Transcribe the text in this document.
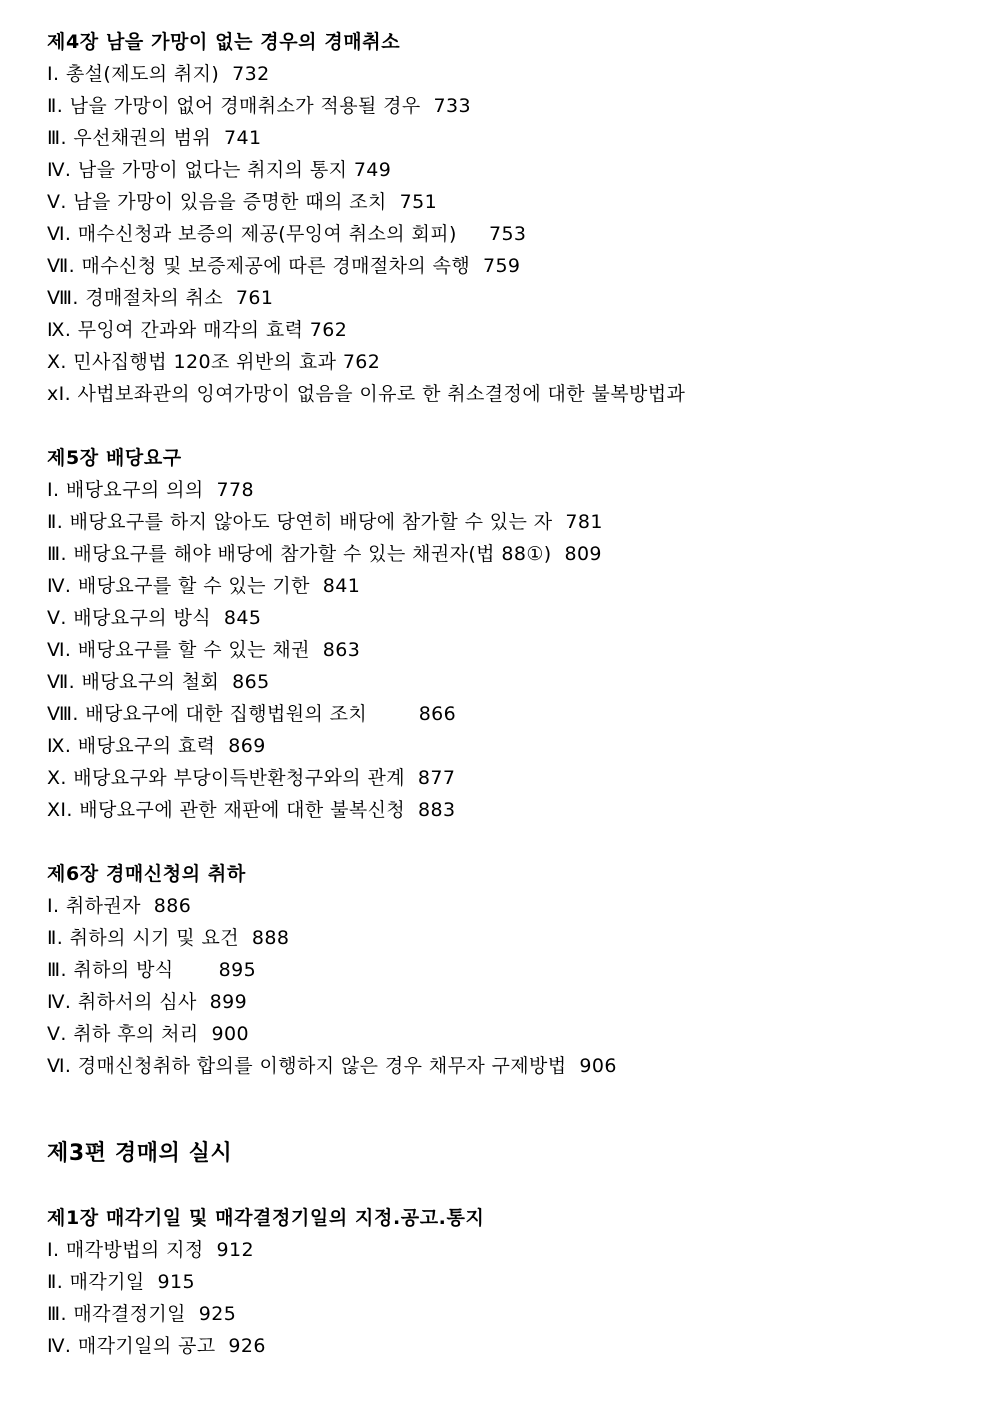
제4장 남을 가망이 없는 경우의 경매취소
Ⅰ. 총설(제도의 취지)  732
Ⅱ. 남을 가망이 없어 경매취소가 적용될 경우  733
Ⅲ. 우선채권의 범위  741
Ⅳ. 남을 가망이 없다는 취지의 통지 749
Ⅴ. 남을 가망이 있음을 증명한 때의 조치  751
Ⅵ. 매수신청과 보증의 제공(무잉여 취소의 회피)     753
Ⅶ. 매수신청 및 보증제공에 따른 경매절차의 속행  759
Ⅷ. 경매절차의 취소  761
Ⅸ. 무잉여 간과와 매각의 효력 762
Ⅹ. 민사집행법 120조 위반의 효과 762
xI. 사법보좌관의 잉여가망이 없음을 이유로 한 취소결정에 대한 불복방법과
제5장 배당요구
Ⅰ. 배당요구의 의의  778
Ⅱ. 배당요구를 하지 않아도 당연히 배당에 참가할 수 있는 자  781
Ⅲ. 배당요구를 해야 배당에 참가할 수 있는 채권자(법 88①)  809
Ⅳ. 배당요구를 할 수 있는 기한  841
Ⅴ. 배당요구의 방식  845
Ⅵ. 배당요구를 할 수 있는 채권  863
Ⅶ. 배당요구의 철회  865
Ⅷ. 배당요구에 대한 집행법원의 조치        866
Ⅸ. 배당요구의 효력  869
Ⅹ. 배당요구와 부당이득반환청구와의 관계  877
XI. 배당요구에 관한 재판에 대한 불복신청  883
제6장 경매신청의 취하
Ⅰ. 취하권자  886
Ⅱ. 취하의 시기 및 요건  888
Ⅲ. 취하의 방식       895
Ⅳ. 취하서의 심사  899
Ⅴ. 취하 후의 처리  900
Ⅵ. 경매신청취하 합의를 이행하지 않은 경우 채무자 구제방법  906
제3편 경매의 실시
제1장 매각기일 및 매각결정기일의 지정.공고.통지
Ⅰ. 매각방법의 지정  912
Ⅱ. 매각기일  915
Ⅲ. 매각결정기일  925
Ⅳ. 매각기일의 공고  926
